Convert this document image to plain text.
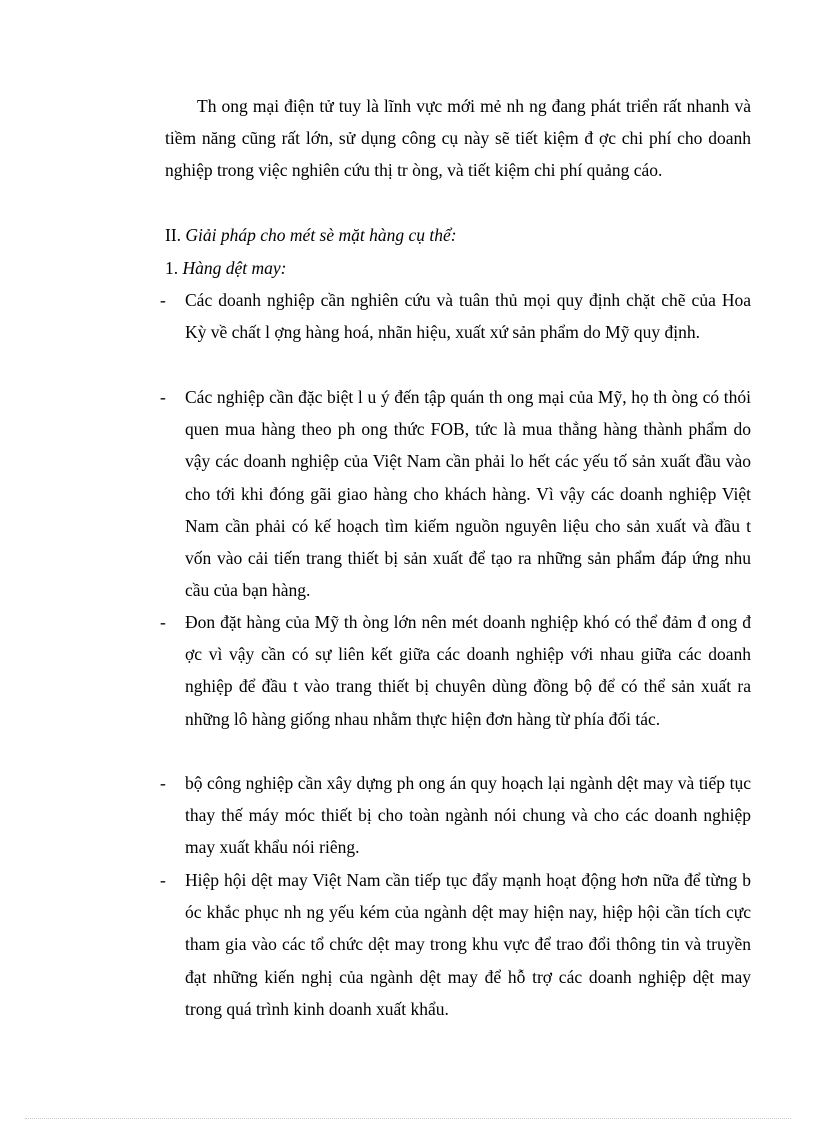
Th ong mại điện tử tuy là lĩnh vực mới mẻ nh ng đang phát triển rất nhanh và tiềm năng cũng rất lớn, sử dụng công cụ này sẽ tiết kiệm đ ợc chi phí cho doanh nghiệp trong việc nghiên cứu thị tr òng, và tiết kiệm chi phí quảng cáo.

II. Giải pháp cho mét sè mặt hàng cụ thể:

1. Hàng dệt may:

-	Các doanh nghiệp cần nghiên cứu và tuân thủ mọi quy định chặt chẽ của Hoa Kỳ về chất l ợng hàng hoá, nhãn hiệu, xuất xứ sản phẩm do Mỹ quy định.
-	Các nghiệp cần đặc biệt l u ý đến tập quán th ong mại của Mỹ, họ th òng có thói quen mua hàng theo ph ong thức FOB, tức là mua thẳng hàng thành phẩm do vậy các doanh nghiệp của Việt Nam cần phải lo hết các yếu tố sản xuất đầu vào cho tới khi đóng gãi giao hàng cho khách hàng. Vì vậy các doanh nghiệp Việt Nam cần phải có kế hoạch tìm kiếm nguồn nguyên liệu cho sản xuất và đầu t vốn vào cải tiến trang thiết bị sản xuất để tạo ra những sản phẩm đáp ứng nhu cầu của bạn hàng.
-	Đon đặt hàng của Mỹ th òng lớn nên mét doanh nghiệp khó có thể đảm đ ong đ ợc vì vậy cần có sự liên kết giữa các doanh nghiệp với nhau giữa các doanh nghiệp để đầu t vào trang thiết bị chuyên dùng đồng bộ để có thể sản xuất ra những lô hàng giống nhau nhằm thực hiện đơn hàng từ phía đối tác.
-	bộ công nghiệp cần xây dựng ph ong án quy hoạch lại ngành dệt may và tiếp tục thay thế máy móc thiết bị cho toàn ngành nói chung và cho các doanh nghiệp may xuất khẩu nói riêng.
-	Hiệp hội dệt may Việt Nam cần tiếp tục đẩy mạnh hoạt động hơn nữa để từng b óc khắc phục nh ng yếu kém của ngành dệt may hiện nay, hiệp hội cần tích cực tham gia vào các tổ chức dệt may trong khu vực để trao đổi thông tin và truyền đạt những kiến nghị của ngành dệt may để hỗ trợ các doanh nghiệp dệt may trong quá trình kinh doanh xuất khẩu.
